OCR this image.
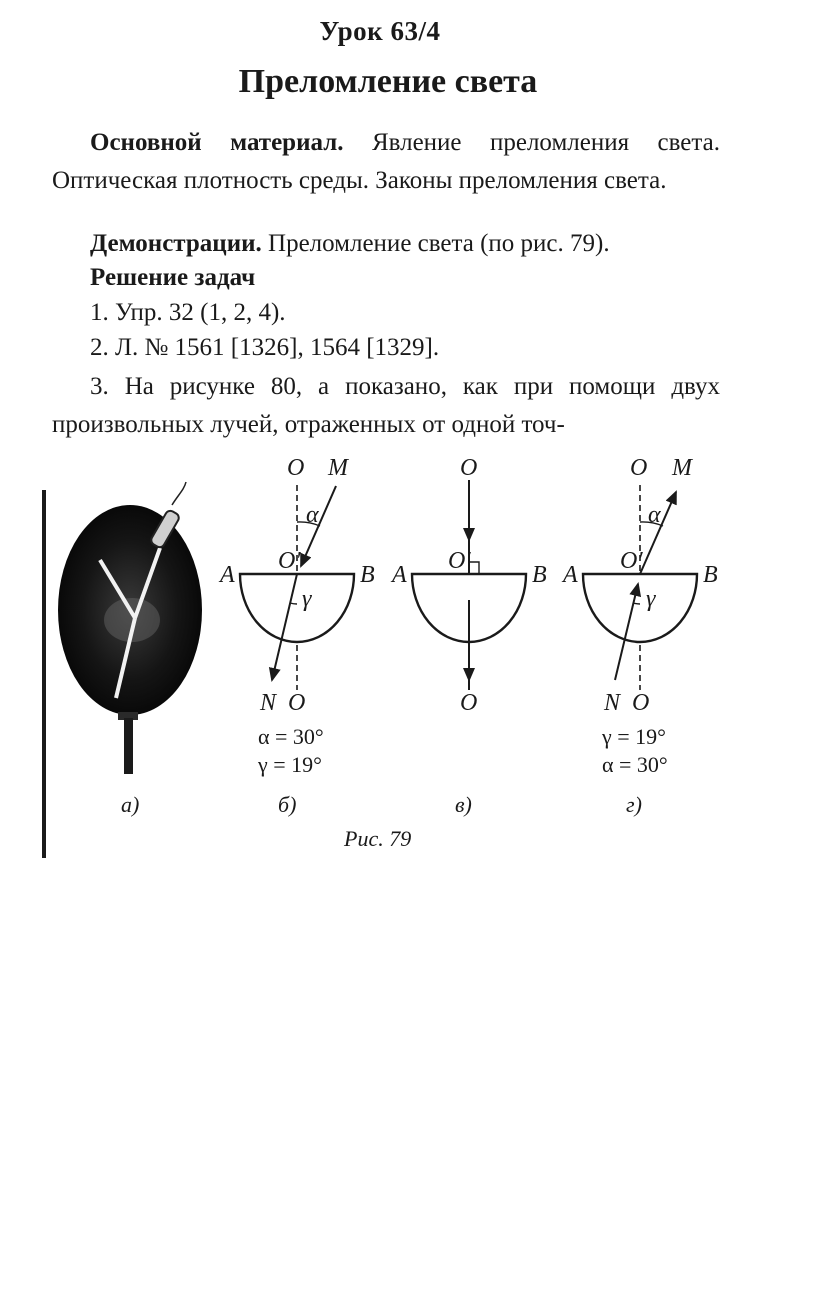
Урок 63/4
Преломление света
Основной материал. Явление преломления света. Оптическая плотность среды. Законы преломления света.
Демонстрации. Преломление света (по рис. 79).
Решение задач
1. Упр. 32 (1, 2, 4).
2. Л. № 1561 [1326], 1564 [1329].
3. На рисунке 80, а показано, как при помощи двух произвольных лучей, отраженных от одной точ-
O M
α
O′
A	B
γ
N O
α = 30°
γ = 19°
б)
O
O′
A	B
O
в)
O M
α
O′
A	B
γ
N O
γ = 19°
α = 30°
г)
а)
Рис. 79
